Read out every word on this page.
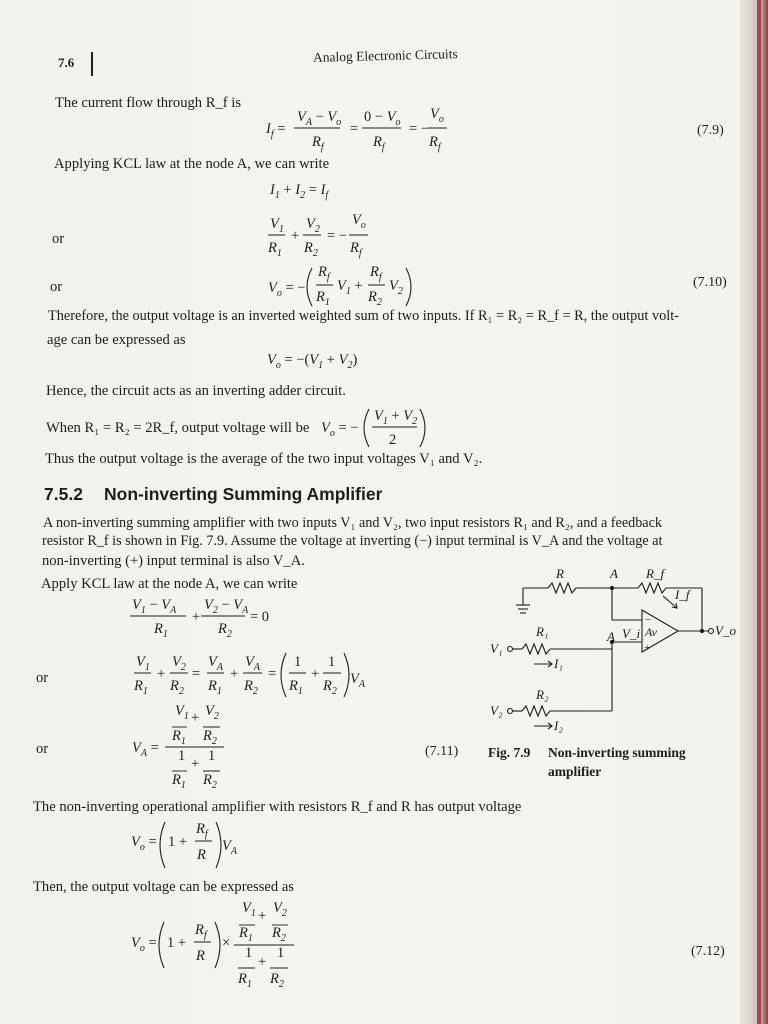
7.6	Analog Electronic Circuits
The current flow through R_f is
Applying KCL law at the node A, we can write
or
or
Therefore, the output voltage is an inverted weighted sum of two inputs. If R₁ = R₂ = R_f = R, the output volt-
age can be expressed as
Hence, the circuit acts as an inverting adder circuit.
When R₁ = R₂ = 2R_f, output voltage will be
Thus the output voltage is the average of the two input voltages V₁ and V₂.
7.5.2 Non-inverting Summing Amplifier
A non-inverting summing amplifier with two inputs V₁ and V₂, two input resistors R₁ and R₂, and a feedback
resistor R_f is shown in Fig. 7.9. Assume the voltage at inverting (−) input terminal is V_A and the voltage at
non-inverting (+) input terminal is also V_A.
Apply KCL law at the node A, we can write
or
or
The non-inverting operational amplifier with resistors R_f and R has output voltage
Then, the output voltage can be expressed as
(7.9)
(7.10)
(7.11)
(7.12)
Fig. 7.9 Non-inverting summing
amplifier
$I_f$ =
$V_A - V_o$
$R_f$
=
$0 - V_o$
$R_f$
= −
$V_o$
$R_f$
$I_1 + I_2 = I_f$
$V_1$
$R_1$
+
$V_2$
$R_2$
= −
$V_o$
$R_f$
$V_o$ = −
$R_f$
$R_1$
$V_1$ +
$R_f$
$R_2$
$V_2$
$V_o = -(V_1 + V_2)$
$V_o$ = −
$V_1 + V_2$
2
$V_1 - V_A$
$R_1$
+
$V_2 - V_A$
$R_2$
= 0
$V_1$
$R_1$
+
$V_2$
$R_2$
=
$V_A$
$R_1$
+
$V_A$
$R_2$
=
1
$R_1$
+
1
$R_2$
$V_A$
$V_A$ =
$V_1 + V_2$
$R_1$ $R_2$
1 + 1
$R_1$ $R_2$
$V_o = 1$ +
$R_f$
R
$V_A$
$V_o = 1$ +
$R_f$
R
×
$V_1 + V_2$
$R_1$ $R_2$
1
+
1
$R_1$ $R_2$
R	A R_f
I_f
R₁
V₁
I₁
A V_i Av
−
+
V_o
R₂
V₂
I₂
